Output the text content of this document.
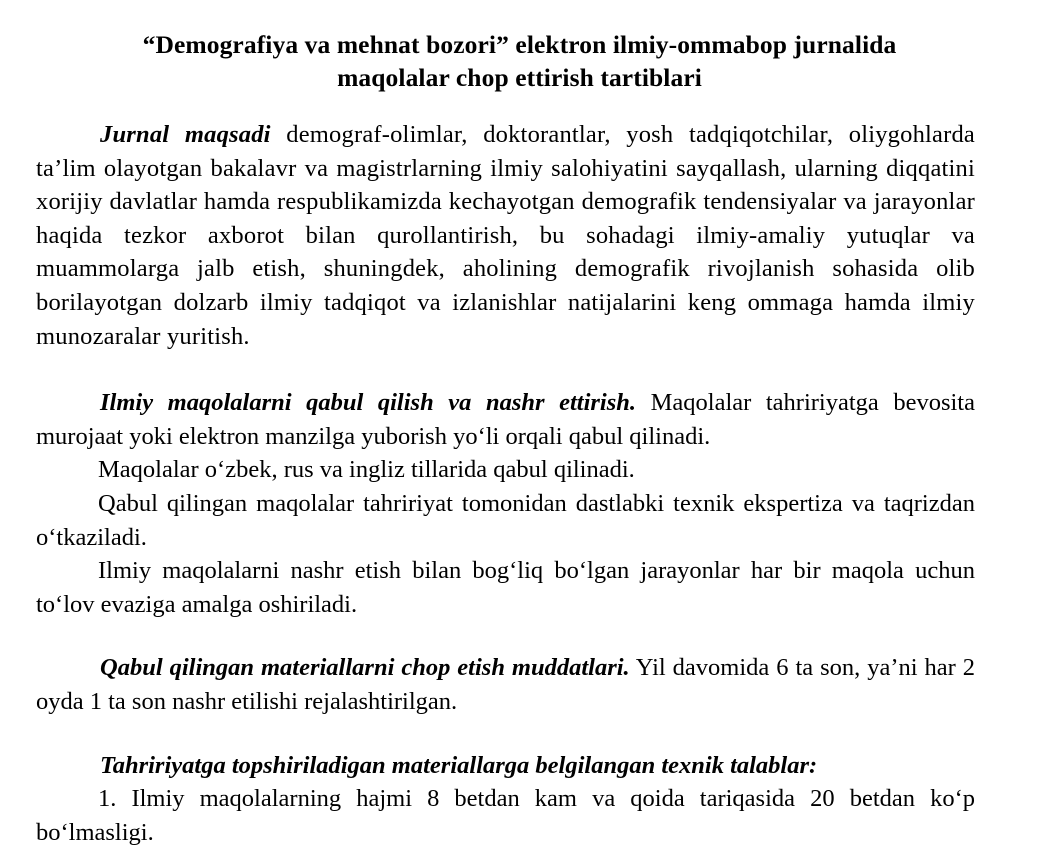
“Demografiya va mehnat bozori” elektron ilmiy-ommabop jurnalida
maqolalar chop ettirish tartiblari

Jurnal maqsadi demograf-olimlar, doktorantlar, yosh tadqiqotchilar, oliygohlarda ta’lim olayotgan bakalavr va magistrlarning ilmiy salohiyatini sayqallash, ularning diqqatini xorijiy davlatlar hamda respublikamizda kechayotgan demografik tendensiyalar va jarayonlar haqida tezkor axborot bilan qurollantirish, bu sohadagi ilmiy-amaliy yutuqlar va muammolarga jalb etish, shuningdek, aholining demografik rivojlanish sohasida olib borilayotgan dolzarb ilmiy tadqiqot va izlanishlar natijalarini keng ommaga hamda ilmiy munozaralar yuritish.

Ilmiy maqolalarni qabul qilish va nashr ettirish. Maqolalar tahririyatga bevosita murojaat yoki elektron manzilga yuborish yoʻli orqali qabul qilinadi.

Maqolalar oʻzbek, rus va ingliz tillarida qabul qilinadi.

Qabul qilingan maqolalar tahririyat tomonidan dastlabki texnik ekspertiza va taqrizdan oʻtkaziladi.

Ilmiy maqolalarni nashr etish bilan bogʻliq boʻlgan jarayonlar har bir maqola uchun toʻlov evaziga amalga oshiriladi.

Qabul qilingan materiallarni chop etish muddatlari. Yil davomida 6 ta son, ya’ni har 2 oyda 1 ta son nashr etilishi rejalashtirilgan.

Tahririyatga topshiriladigan materiallarga belgilangan texnik talablar:

1. Ilmiy maqolalarning hajmi 8 betdan kam va qoida tariqasida 20 betdan koʻp boʻlmasligi.
